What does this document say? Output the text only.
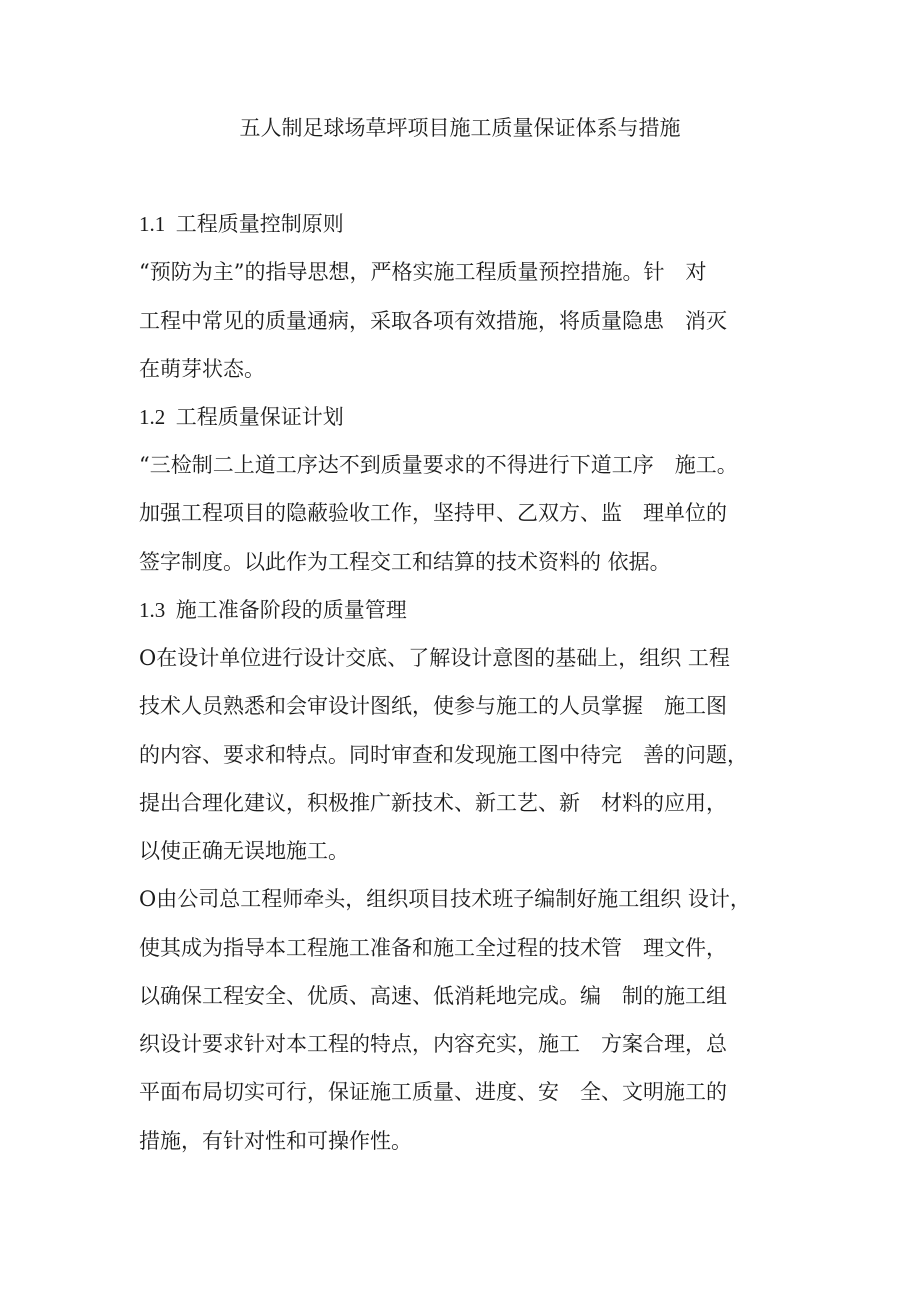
五人制足球场草坪项目施工质量保证体系与措施
1.1  工程质量控制原则
“预防为主”的指导思想，严格实施工程质量预控措施。针　对
工程中常见的质量通病，采取各项有效措施，将质量隐患　消灭
在萌芽状态。
1.2  工程质量保证计划
“三检制二上道工序达不到质量要求的不得进行下道工序　施工。
加强工程项目的隐蔽验收工作，坚持甲、乙双方、监　理单位的
签字制度。以此作为工程交工和结算的技术资料的 依据。
1.3  施工准备阶段的质量管理
O在设计单位进行设计交底、了解设计意图的基础上，组织 工程
技术人员熟悉和会审设计图纸，使参与施工的人员掌握　施工图
的内容、要求和特点。同时审查和发现施工图中待完　善的问题，
提出合理化建议，积极推广新技术、新工艺、新　材料的应用，
以使正确无误地施工。
O由公司总工程师牵头，组织项目技术班子编制好施工组织 设计，
使其成为指导本工程施工准备和施工全过程的技术管　理文件，
以确保工程安全、优质、高速、低消耗地完成。编　制的施工组
织设计要求针对本工程的特点，内容充实，施工　方案合理，总
平面布局切实可行，保证施工质量、进度、安　全、文明施工的
措施，有针对性和可操作性。
